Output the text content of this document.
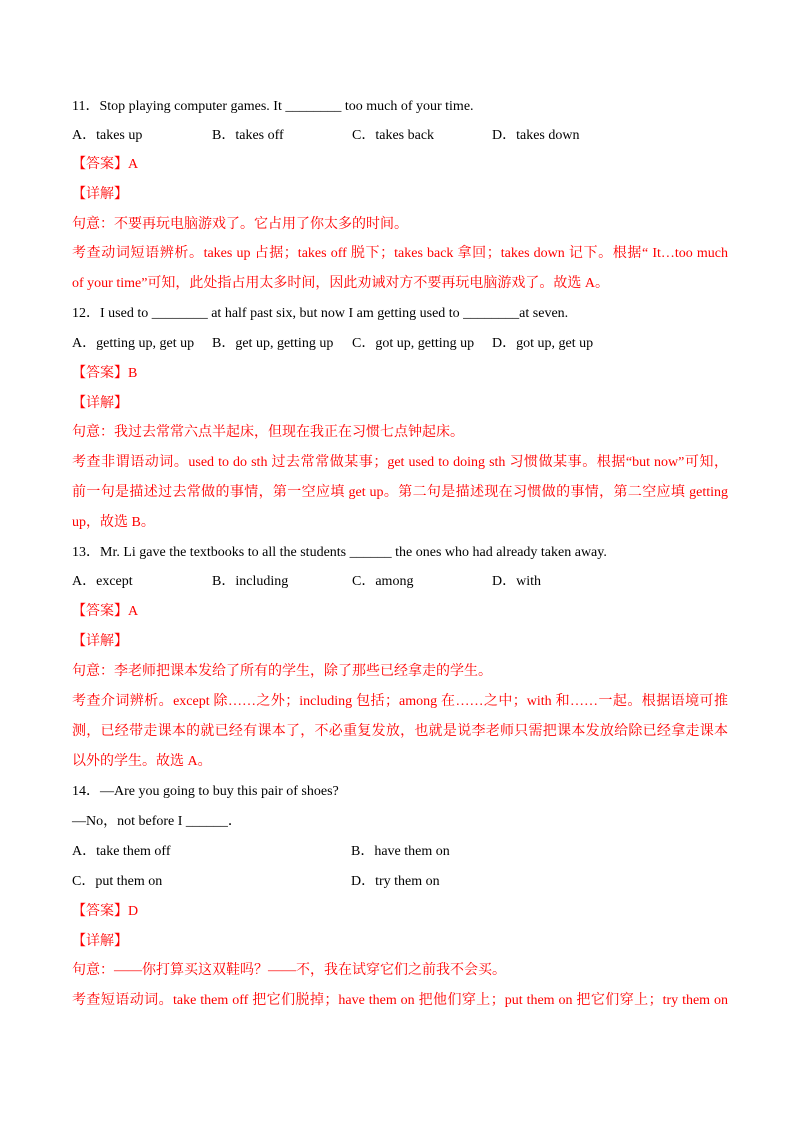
11．Stop playing computer games. It ________ too much of your time.
A．takes up	B．takes off	C．takes back	D．takes down
【答案】A
【详解】
句意：不要再玩电脑游戏了。它占用了你太多的时间。
考查动词短语辨析。takes up 占据；takes off 脱下；takes back 拿回；takes down 记下。根据“ It…too much
of your time”可知，此处指占用太多时间，因此劝诫对方不要再玩电脑游戏了。故选 A。
12．I used to ________ at half past six, but now I am getting used to ________at seven.
A．getting up, get up B．get up, getting up C．got up, getting up D．got up, get up
【答案】B
【详解】
句意：我过去常常六点半起床，但现在我正在习惯七点钟起床。
考查非谓语动词。used to do sth 过去常常做某事；get used to doing sth 习惯做某事。根据“but now”可知，
前一句是描述过去常做的事情，第一空应填 get up。第二句是描述现在习惯做的事情，第二空应填 getting
up，故选 B。
13．Mr. Li gave the textbooks to all the students ______ the ones who had already taken away.
A．except	B．including	C．among	D．with
【答案】A
【详解】
句意：李老师把课本发给了所有的学生，除了那些已经拿走的学生。
考查介词辨析。except 除……之外；including 包括；among 在……之中；with 和……一起。根据语境可推
测，已经带走课本的就已经有课本了，不必重复发放，也就是说李老师只需把课本发放给除已经拿走课本
以外的学生。故选 A。
14．—Are you going to buy this pair of shoes?
—No，not before I ______．
A．take them off	B．have them on
C．put them on	D．try them on
【答案】D
【详解】
句意：——你打算买这双鞋吗？——不，我在试穿它们之前我不会买。
考查短语动词。take them off 把它们脱掉；have them on 把他们穿上；put them on 把它们穿上；try them on
